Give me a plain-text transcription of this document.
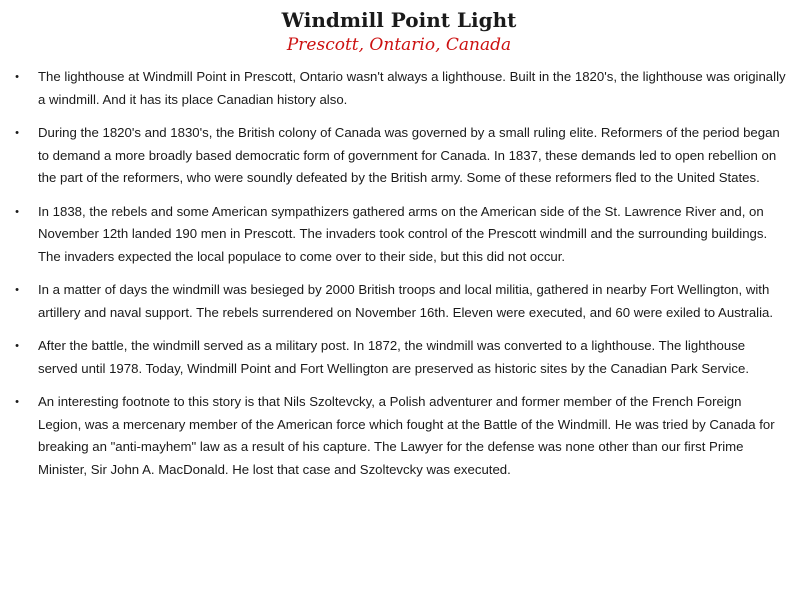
Windmill Point Light
Prescott, Ontario, Canada
• The lighthouse at Windmill Point in Prescott, Ontario wasn't always a lighthouse. Built in the 1820's, the lighthouse was originally a windmill. And it has its place Canadian history also.
• During the 1820's and 1830's, the British colony of Canada was governed by a small ruling elite. Reformers of the period began to demand a more broadly based democratic form of government for Canada. In 1837, these demands led to open rebellion on the part of the reformers, who were soundly defeated by the British army. Some of these reformers fled to the United States.
• In 1838, the rebels and some American sympathizers gathered arms on the American side of the St. Lawrence River and, on November 12th landed 190 men in Prescott. The invaders took control of the Prescott windmill and the surrounding buildings. The invaders expected the local populace to come over to their side, but this did not occur.
• In a matter of days the windmill was besieged by 2000 British troops and local militia, gathered in nearby Fort Wellington, with artillery and naval support. The rebels surrendered on November 16th. Eleven were executed, and 60 were exiled to Australia.
• After the battle, the windmill served as a military post. In 1872, the windmill was converted to a lighthouse. The lighthouse served until 1978. Today, Windmill Point and Fort Wellington are preserved as historic sites by the Canadian Park Service.
• An interesting footnote to this story is that Nils Szoltevcky, a Polish adventurer and former member of the French Foreign Legion, was a mercenary member of the American force which fought at the Battle of the Windmill. He was tried by Canada for breaking an "anti-mayhem" law as a result of his capture. The Lawyer for the defense was none other than our first Prime Minister, Sir John A. MacDonald. He lost that case and Szoltevcky was executed.
